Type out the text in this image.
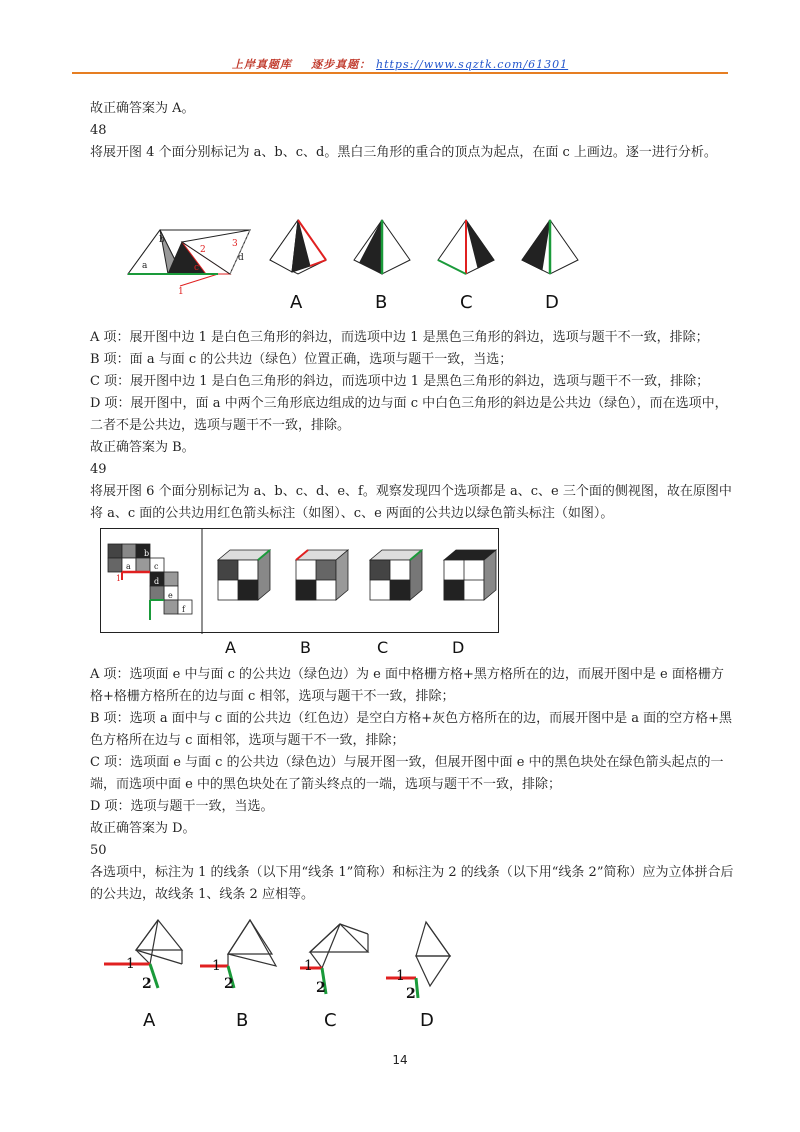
上岸真题库 逐步真题： https://www.sqztk.com/61301
故正确答案为 A。
48
将展开图 4 个面分别标记为 a、b、c、d。黑白三角形的重合的顶点为起点，在面 c 上画边。逐一进行分析。
b
a	c
d
1
2
3
A	B	C	D
A 项：展开图中边 1 是白色三角形的斜边，而选项中边 1 是黑色三角形的斜边，选项与题干不一致，排除；
B 项：面 a 与面 c 的公共边（绿色）位置正确，选项与题干一致，当选；
C 项：展开图中边 1 是白色三角形的斜边，而选项中边 1 是黑色三角形的斜边，选项与题干不一致，排除；
D 项：展开图中，面 a 中两个三角形底边组成的边与面 c 中白色三角形的斜边是公共边（绿色），而在选项中，二者不是公共边，选项与题干不一致，排除。
故正确答案为 B。
49
将展开图 6 个面分别标记为 a、b、c、d、e、f。观察发现四个选项都是 a、c、e 三个面的侧视图，故在原图中将 a、c 面的公共边用红色箭头标注（如图）、c、e 两面的公共边以绿色箭头标注（如图）。
1
a
b
c
d
e
f
A	B	C	D
A 项：选项面 e 中与面 c 的公共边（绿色边）为 e 面中格栅方格+黑方格所在的边，而展开图中是 e 面格栅方格+格栅方格所在的边与面 c 相邻，选项与题干不一致，排除；
B 项：选项 a 面中与 c 面的公共边（红色边）是空白方格+灰色方格所在的边，而展开图中是 a 面的空方格+黑色方格所在边与 c 面相邻，选项与题干不一致，排除；
C 项：选项面 e 与面 c 的公共边（绿色边）与展开图一致，但展开图中面 e 中的黑色块处在绿色箭头起点的一端，而选项中面 e 中的黑色块处在了箭头终点的一端，选项与题干不一致，排除；
D 项：选项与题干一致，当选。
故正确答案为 D。
50
各选项中，标注为 1 的线条（以下用“线条 1”简称）和标注为 2 的线条（以下用“线条 2”简称）应为立体拼合后的公共边，故线条 1、线条 2 应相等。
1
2
1
2
1
2
1
2
A	B	C	D
14
